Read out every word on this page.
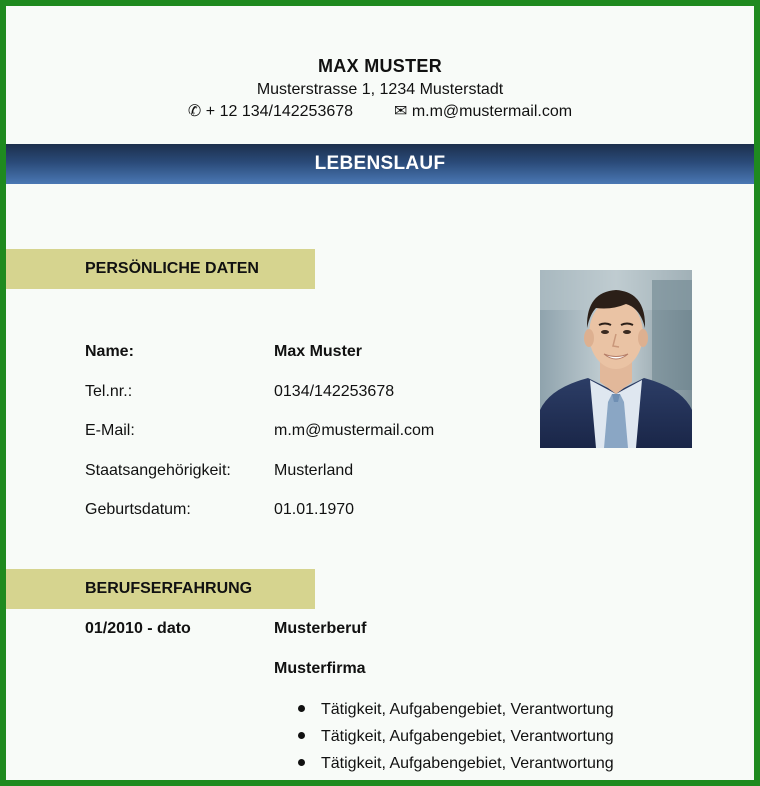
MAX MUSTER
Musterstrasse 1, 1234 Musterstadt
✆ + 12 134/142253678	✉ m.m@mustermail.com
LEBENSLAUF
PERSÖNLICHE DATEN
Name:	Max Muster
Tel.nr.:	0134/142253678
E-Mail:	m.m@mustermail.com
Staatsangehörigkeit:	Musterland
Geburtsdatum:	01.01.1970
BERUFSERFAHRUNG
01/2010 - dato	Musterberuf
Musterfirma
Tätigkeit, Aufgabengebiet, Verantwortung
Tätigkeit, Aufgabengebiet, Verantwortung
Tätigkeit, Aufgabengebiet, Verantwortung
